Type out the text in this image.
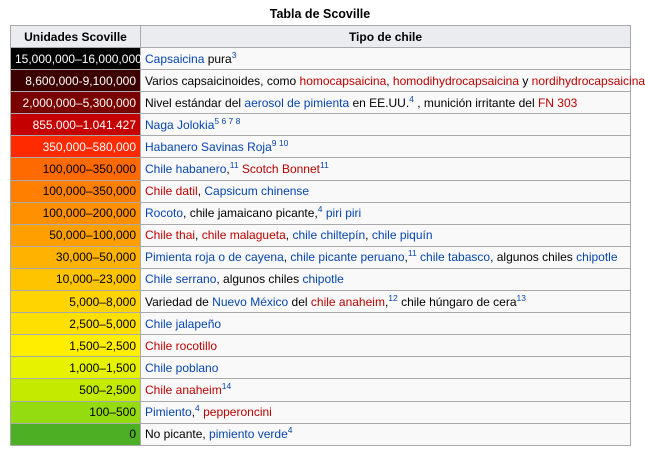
Tabla de Scoville
Unidades Scoville	Tipo de chile
15,000,000–16,000,000	Capsaicina pura$^3$
8,600,000-9,100,000	Varios capsaicinoides, como homocapsaicina, homodihydrocapsaicina y nordihydrocapsaicina
2,000,000–5,300,000	Nivel estándar del aerosol de pimienta en EE.UU.$^4$ , munición irritante del FN 303
855.000–1.041.427	Naga Jolokia$^{5 6 7 8}$
350,000–580,000	Habanero Savinas Roja$^{9 10}$
100,000–350,000	Chile habanero,$^{11}$ Scotch Bonnet$^{11}$
100,000–350,000	Chile datil, Capsicum chinense
100,000–200,000	Rocoto, chile jamaicano picante,$^4$ piri piri
50,000–100,000	Chile thai, chile malagueta, chile chiltepín, chile piquín
30,000–50,000	Pimienta roja o de cayena, chile picante peruano,$^{11}$ chile tabasco, algunos chiles chipotle
10,000–23,000	Chile serrano, algunos chiles chipotle
5,000–8,000	Variedad de Nuevo México del chile anaheim,$^{12}$ chile húngaro de cera$^{13}$
2,500–5,000	Chile jalapeño
1,500–2,500	Chile rocotillo
1,000–1,500	Chile poblano
500–2,500	Chile anaheim$^{14}$
100–500	Pimiento,$^4$ pepperoncini
0	No picante, pimiento verde$^4$
